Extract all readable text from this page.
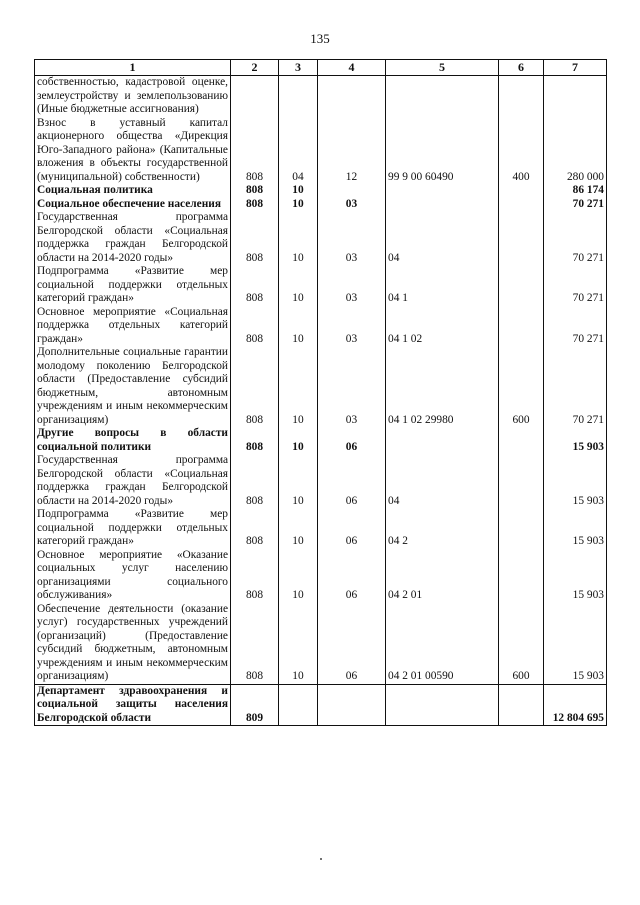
135
1	2	3	4	5	6	7
собственностью, кадастровой оценке, землеустройству и землепользованию (Иные бюджетные ассигнования)						
Взнос в уставный капитал акционерного общества «Дирекция Юго-Западного района» (Капитальные вложения в объекты государственной (муниципальной) собственности)	808	04	12	99 9 00 60490	400	280 000
Социальная политика	808	10				86 174
Социальное обеспечение населения	808	10	03			70 271
Государственная программа Белгородской области «Социальная поддержка граждан Белгородской области на 2014-2020 годы»	808	10	03	04		70 271
Подпрограмма «Развитие мер социальной поддержки отдельных категорий граждан»	808	10	03	04 1		70 271
Основное мероприятие «Социальная поддержка отдельных категорий граждан»	808	10	03	04 1 02		70 271
Дополнительные социальные гарантии молодому поколению Белгородской области (Предоставление субсидий бюджетным, автономным учреждениям и иным некоммерческим организациям)	808	10	03	04 1 02 29980	600	70 271
Другие вопросы в области социальной политики	808	10	06			15 903
Государственная программа Белгородской области «Социальная поддержка граждан Белгородской области на 2014-2020 годы»	808	10	06	04		15 903
Подпрограмма «Развитие мер социальной поддержки отдельных категорий граждан»	808	10	06	04 2		15 903
Основное мероприятие «Оказание социальных услуг населению организациями социального обслуживания»	808	10	06	04 2 01		15 903
Обеспечение деятельности (оказание услуг) государственных учреждений (организаций) (Предоставление субсидий бюджетным, автономным учреждениям и иным некоммерческим организациям)	808	10	06	04 2 01 00590	600	15 903
Департамент здравоохранения и социальной защиты населения Белгородской области	809					12 804 695
